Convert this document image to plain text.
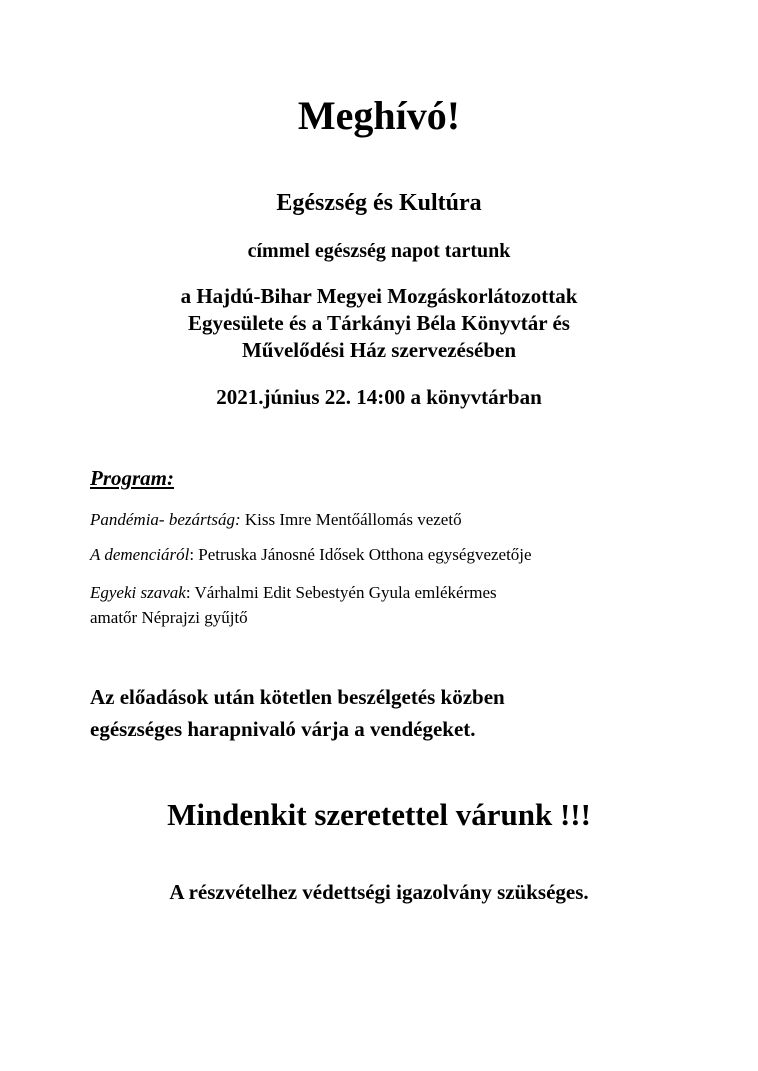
Meghívó!
Egészség és Kultúra
címmel egészség napot tartunk
a Hajdú-Bihar Megyei Mozgáskorlátozottak
Egyesülete és a Tárkányi Béla Könyvtár és
Művelődési Ház szervezésében
2021.június 22. 14:00 a könyvtárban
Program:
Pandémia- bezártság: Kiss Imre Mentőállomás vezető
A demenciáról: Petruska Jánosné Idősek Otthona egységvezetője
Egyeki szavak: Várhalmi Edit Sebestyén Gyula emlékérmes
amatőr Néprajzi gyűjtő
Az előadások után kötetlen beszélgetés közben
egészséges harapnivaló várja a vendégeket.
Mindenkit szeretettel várunk !!!
A részvételhez védettségi igazolvány szükséges.
